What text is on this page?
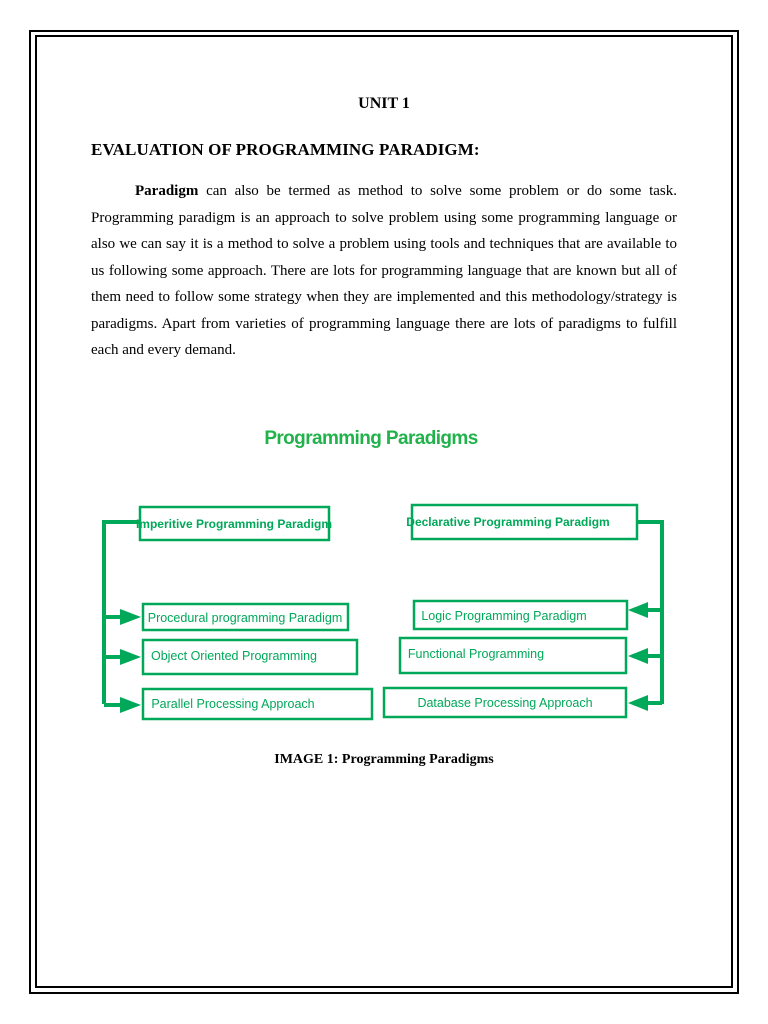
UNIT 1
EVALUATION OF PROGRAMMING PARADIGM:
Paradigm can also be termed as method to solve some problem or do some task. Programming paradigm is an approach to solve problem using some programming language or also we can say it is a method to solve a problem using tools and techniques that are available to us following some approach. There are lots for programming language that are known but all of them need to follow some strategy when they are implemented and this methodology/strategy is paradigms. Apart from varieties of programming language there are lots of paradigms to fulfill each and every demand.
Programming Paradigms
Imperitive Programming Paradigm
Procedural programming Paradigm
Object Oriented Programming
Parallel Processing Approach
Declarative Programming Paradigm
Logic Programming Paradigm
Functional Programming
Database Processing Approach
IMAGE 1: Programming Paradigms
